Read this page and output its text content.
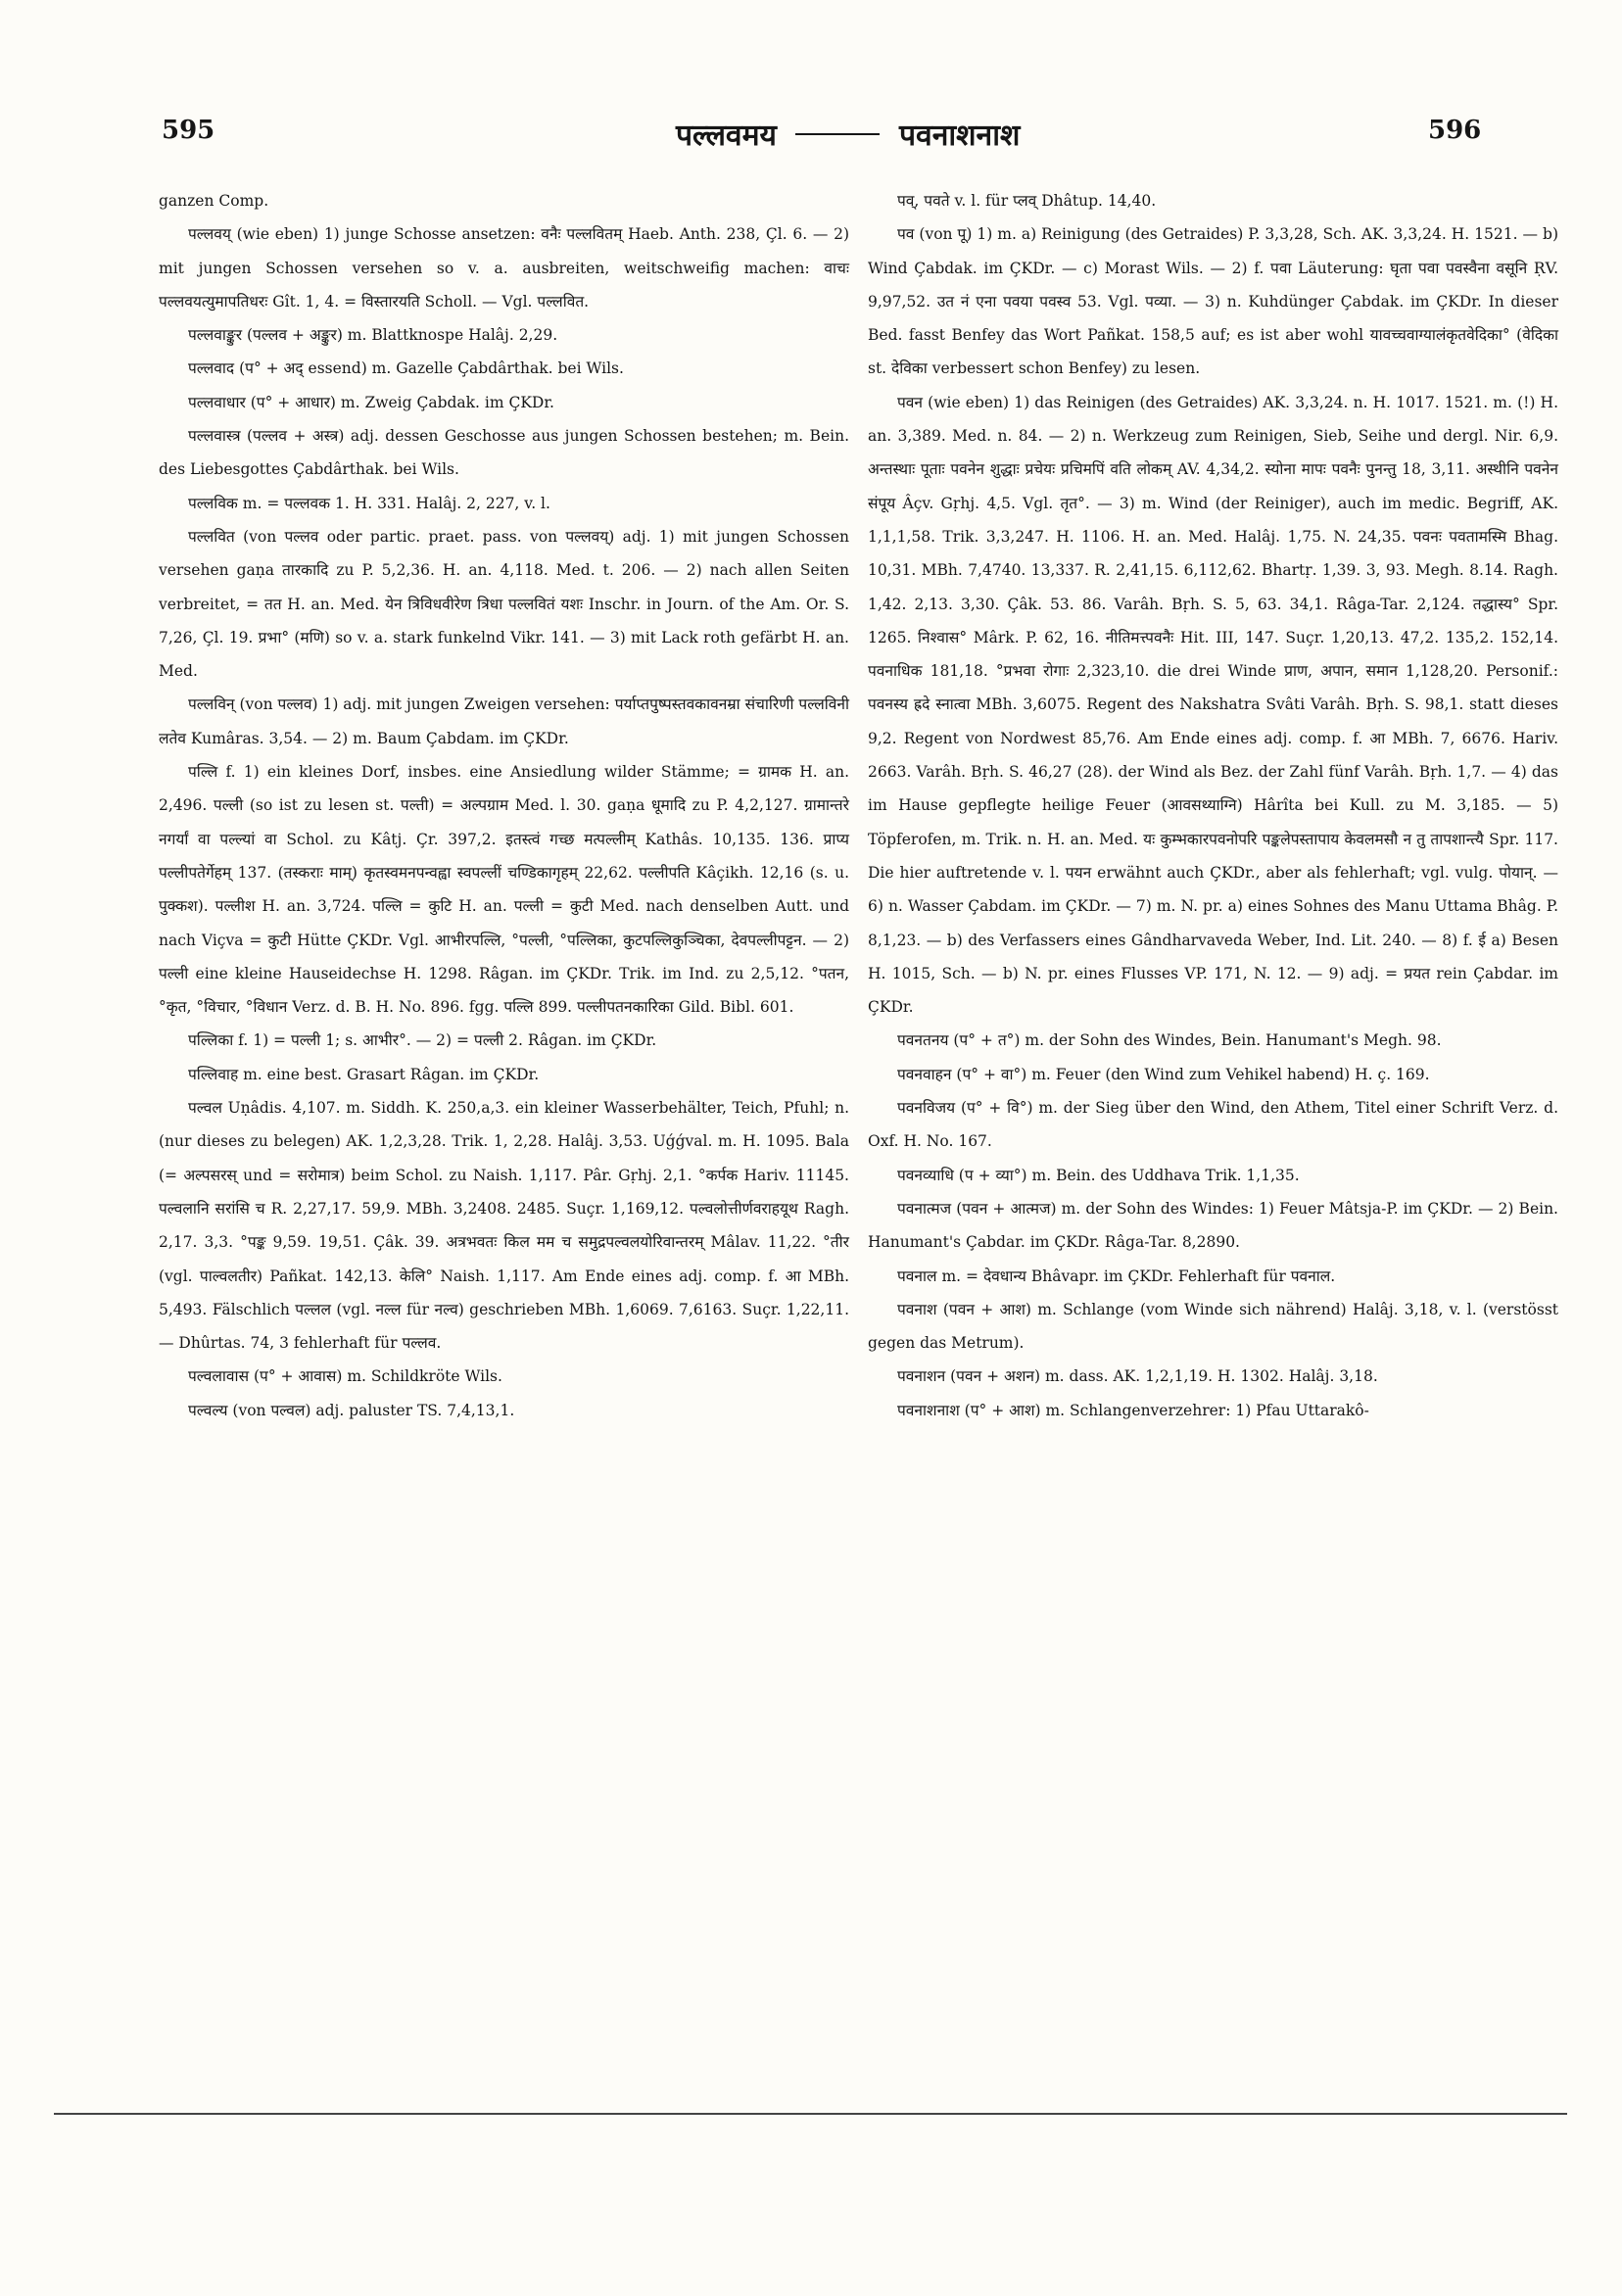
595	पल्लवमय	पवनाशनाश	596

ganzen Comp.

पल्लवय् (wie eben) 1) junge Schosse ansetzen: वनैः पल्लवितम् Haeb. Anth. 238, Çl. 6. — 2) mit jungen Schossen versehen so v. a. ausbreiten, weitschweifig machen: वाचः पल्लवयत्युमापतिधरः Gît. 1, 4. = विस्तारयति Scholl. — Vgl. पल्लवित.

पल्लवाङ्कुर (पल्लव + अङ्कुर) m. Blattknospe Halâj. 2,29.

पल्लवाद (प° + अद् essend) m. Gazelle Çabdârthak. bei Wils.

पल्लवाधार (प° + आधार) m. Zweig Çabdak. im ÇKDr.

पल्लवास्त्र (पल्लव + अस्त्र) adj. dessen Geschosse aus jungen Schossen bestehen; m. Bein. des Liebesgottes Çabdârthak. bei Wils.

पल्लविक m. = पल्लवक 1. H. 331. Halâj. 2, 227, v. l.

पल्लवित (von पल्लव oder partic. praet. pass. von पल्लवय्) adj. 1) mit jungen Schossen versehen gaṇa तारकादि zu P. 5,2,36. H. an. 4,118. Med. t. 206. — 2) nach allen Seiten verbreitet, = तत H. an. Med. येन त्रिविधवीरेण त्रिधा पल्लवितं यशः Inschr. in Journ. of the Am. Or. S. 7,26, Çl. 19. प्रभा° (मणि) so v. a. stark funkelnd Vikr. 141. — 3) mit Lack roth gefärbt H. an. Med.

पल्लविन् (von पल्लव) 1) adj. mit jungen Zweigen versehen: पर्याप्तपुष्पस्तवकावनम्रा संचारिणी पल्लविनी लतेव Kumâras. 3,54. — 2) m. Baum Çabdam. im ÇKDr.

पल्लि f. 1) ein kleines Dorf, insbes. eine Ansiedlung wilder Stämme; = ग्रामक H. an. 2,496. पल्ली (so ist zu lesen st. पल्ती) = अल्पग्राम Med. l. 30. gaṇa धूमादि zu P. 4,2,127. ग्रामान्तरे नगर्यां वा पल्ल्यां वा Schol. zu Kâtj. Çr. 397,2. इतस्त्वं गच्छ मत्पल्लीम् Kathâs. 10,135. 136. प्राप्य पल्लीपतेर्गेहम् 137. (तस्कराः माम्) कृतस्वमनपन्वह्वा स्वपल्लीं चण्डिकागृहम् 22,62. पल्लीपति Kâçikh. 12,16 (s. u. पुक्कश). पल्लीश H. an. 3,724. पल्लि = कुटि H. an. पल्ली = कुटी Med. nach denselben Autt. und nach Viçva = कुटी Hütte ÇKDr. Vgl. आभीरपल्लि, °पल्ली, °पल्लिका, कुटपल्लिकुञ्चिका, देवपल्लीपट्टन. — 2) पल्ली eine kleine Hauseidechse H. 1298. Râgan. im ÇKDr. Trik. im Ind. zu 2,5,12. °पतन, °कृत, °विचार, °विधान Verz. d. B. H. No. 896. fgg. पल्लि 899. पल्लीपतनकारिका Gild. Bibl. 601.

पल्लिका f. 1) = पल्ली 1; s. आभीर°. — 2) = पल्ली 2. Râgan. im ÇKDr.

पल्लिवाह m. eine best. Grasart Râgan. im ÇKDr.

पल्वल Uṇâdis. 4,107. m. Siddh. K. 250,a,3. ein kleiner Wasserbehälter, Teich, Pfuhl; n. (nur dieses zu belegen) AK. 1,2,3,28. Trik. 1, 2,28. Halâj. 3,53. Uǵǵval. m. H. 1095. Bala (= अल्पसरस् und = सरोमात्र) beim Schol. zu Naish. 1,117. Pâr. Gṛhj. 2,1. °कर्पक Hariv. 11145. पल्वलानि सरांसि च R. 2,27,17. 59,9. MBh. 3,2408. 2485. Suçr. 1,169,12. पल्वलोत्तीर्णवराहयूथ Ragh. 2,17. 3,3. °पङ्क 9,59. 19,51. Çâk. 39. अत्रभवतः किल मम च समुद्रपल्वलयोरिवान्तरम् Mâlav. 11,22. °तीर (vgl. पाल्वलतीर) Pañkat. 142,13. केलि° Naish. 1,117. Am Ende eines adj. comp. f. आ MBh. 5,493. Fälschlich पल्लल (vgl. नल्ल für नल्व) geschrieben MBh. 1,6069. 7,6163. Suçr. 1,22,11. — Dhûrtas. 74, 3 fehlerhaft für पल्लव.

पल्वलावास (प° + आवास) m. Schildkröte Wils.

पल्वल्य (von पल्वल) adj. paluster TS. 7,4,13,1.

पव्, पवते v. l. für प्लव् Dhâtup. 14,40.

पव (von पू) 1) m. a) Reinigung (des Getraides) P. 3,3,28, Sch. AK. 3,3,24. H. 1521. — b) Wind Çabdak. im ÇKDr. — c) Morast Wils. — 2) f. पवा Läuterung: घृता पवा पवस्वैना वसूनि ṚV. 9,97,52. उत नं एना पवया पवस्व 53. Vgl. पव्या. — 3) n. Kuhdünger Çabdak. im ÇKDr. In dieser Bed. fasst Benfey das Wort Pañkat. 158,5 auf; es ist aber wohl यावच्चवाग्यालंकृतवेदिका° (वेदिका st. देविका verbessert schon Benfey) zu lesen.

पवन (wie eben) 1) das Reinigen (des Getraides) AK. 3,3,24. n. H. 1017. 1521. m. (!) H. an. 3,389. Med. n. 84. — 2) n. Werkzeug zum Reinigen, Sieb, Seihe und dergl. Nir. 6,9. अन्तस्थाः पूताः पवनेन शुद्धाः प्रचेयः प्रचिमपिं वति लोकम् AV. 4,34,2. स्योना मापः पवनैः पुनन्तु 18, 3,11. अस्थीनि पवनेन संपूय Âçv. Gṛhj. 4,5. Vgl. तृत°. — 3) m. Wind (der Reiniger), auch im medic. Begriff, AK. 1,1,1,58. Trik. 3,3,247. H. 1106. H. an. Med. Halâj. 1,75. N. 24,35. पवनः पवतामस्मि Bhag. 10,31. MBh. 7,4740. 13,337. R. 2,41,15. 6,112,62. Bhartṛ. 1,39. 3, 93. Megh. 8.14. Ragh. 1,42. 2,13. 3,30. Çâk. 53. 86. Varâh. Bṛh. S. 5, 63. 34,1. Râga-Tar. 2,124. तद्धास्य° Spr. 1265. निश्वास° Mârk. P. 62, 16. नीतिमत्त्पवनैः Hit. III, 147. Suçr. 1,20,13. 47,2. 135,2. 152,14. पवनाधिक 181,18. °प्रभवा रोगाः 2,323,10. die drei Winde प्राण, अपान, समान 1,128,20. Personif.: पवनस्य ह्रदे स्नात्वा MBh. 3,6075. Regent des Nakshatra Svâti Varâh. Bṛh. S. 98,1. statt dieses 9,2. Regent von Nordwest 85,76. Am Ende eines adj. comp. f. आ MBh. 7, 6676. Hariv. 2663. Varâh. Bṛh. S. 46,27 (28). der Wind als Bez. der Zahl fünf Varâh. Bṛh. 1,7. — 4) das im Hause gepflegte heilige Feuer (आवसथ्याग्नि) Hârîta bei Kull. zu M. 3,185. — 5) Töpferofen, m. Trik. n. H. an. Med. यः कुम्भकारपवनोपरि पङ्कलेपस्तापाय केवलमसौ न तु तापशान्त्यै Spr. 117. Die hier auftretende v. l. पयन erwähnt auch ÇKDr., aber als fehlerhaft; vgl. vulg. पोयान्. — 6) n. Wasser Çabdam. im ÇKDr. — 7) m. N. pr. a) eines Sohnes des Manu Uttama Bhâg. P. 8,1,23. — b) des Verfassers eines Gândharvaveda Weber, Ind. Lit. 240. — 8) f. ई a) Besen H. 1015, Sch. — b) N. pr. eines Flusses VP. 171, N. 12. — 9) adj. = प्रयत rein Çabdar. im ÇKDr.

पवनतनय (प° + त°) m. der Sohn des Windes, Bein. Hanumant's Megh. 98.

पवनवाहन (प° + वा°) m. Feuer (den Wind zum Vehikel habend) H. ç. 169.

पवनविजय (प° + वि°) m. der Sieg über den Wind, den Athem, Titel einer Schrift Verz. d. Oxf. H. No. 167.

पवनव्याधि (प + व्या°) m. Bein. des Uddhava Trik. 1,1,35.

पवनात्मज (पवन + आत्मज) m. der Sohn des Windes: 1) Feuer Mâtsja-P. im ÇKDr. — 2) Bein. Hanumant's Çabdar. im ÇKDr. Râga-Tar. 8,2890.

पवनाल m. = देवधान्य Bhâvapr. im ÇKDr. Fehlerhaft für पवनाल.

पवनाश (पवन + आश) m. Schlange (vom Winde sich nährend) Halâj. 3,18, v. l. (verstösst gegen das Metrum).

पवनाशन (पवन + अशन) m. dass. AK. 1,2,1,19. H. 1302. Halâj. 3,18.

पवनाशनाश (प° + आश) m. Schlangenverzehrer: 1) Pfau Uttarakô-
